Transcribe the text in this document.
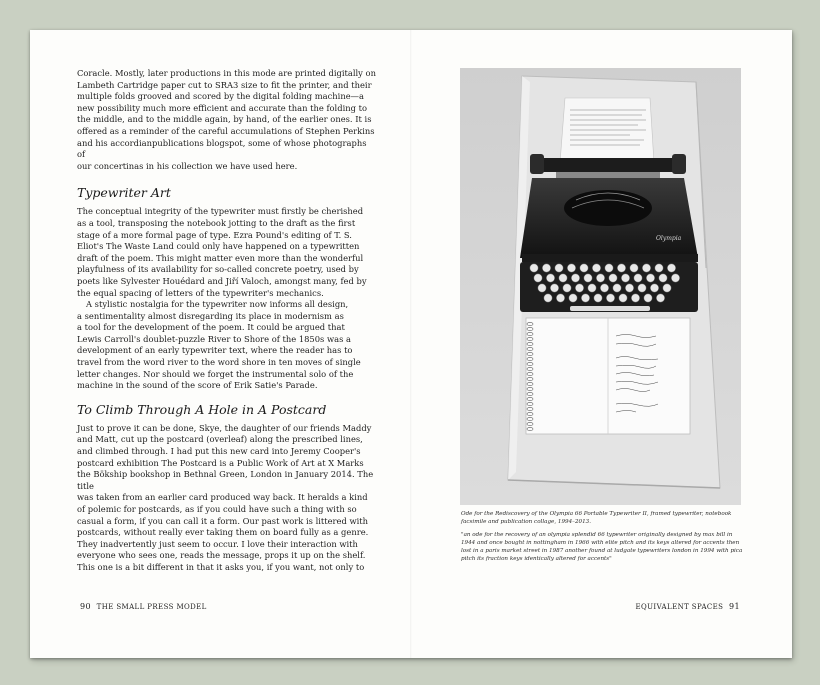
Coracle. Mostly, later productions in this mode are printed digitally on
Lambeth Cartridge paper cut to SRA3 size to fit the printer, and their
multiple folds grooved and scored by the digital folding machine—a
new possibility much more efficient and accurate than the folding to
the middle, and to the middle again, by hand, of the earlier ones. It is
offered as a reminder of the careful accumulations of Stephen Perkins
and his accordianpublications blogspot, some of whose photographs of
our concertinas in his collection we have used here.

Typewriter Art

The conceptual integrity of the typewriter must firstly be cherished
as a tool, transposing the notebook jotting to the draft as the first
stage of a more formal page of type. Ezra Pound's editing of T. S.
Eliot's The Waste Land could only have happened on a typewritten
draft of the poem. This might matter even more than the wonderful
playfulness of its availability for so-called concrete poetry, used by
poets like Sylvester Houédard and Jiří Valoch, amongst many, fed by
the equal spacing of letters of the typewriter's mechanics.

A stylistic nostalgia for the typewriter now informs all design,
a sentimentality almost disregarding its place in modernism as
a tool for the development of the poem. It could be argued that
Lewis Carroll's doublet-puzzle River to Shore of the 1850s was a
development of an early typewriter text, where the reader has to
travel from the word river to the word shore in ten moves of single
letter changes. Nor should we forget the instrumental solo of the
machine in the sound of the score of Erik Satie's Parade.

To Climb Through A Hole in A Postcard

Just to prove it can be done, Skye, the daughter of our friends Maddy
and Matt, cut up the postcard (overleaf) along the prescribed lines,
and climbed through. I had put this new card into Jeremy Cooper's
postcard exhibition The Postcard is a Public Work of Art at X Marks
the Bökship bookshop in Bethnal Green, London in January 2014. The title
was taken from an earlier card produced way back. It heralds a kind
of polemic for postcards, as if you could have such a thing with so
casual a form, if you can call it a form. Our past work is littered with
postcards, without really ever taking them on board fully as a genre.
They inadvertently just seem to occur. I love their interaction with
everyone who sees one, reads the message, props it up on the shelf.
This one is a bit different in that it asks you, if you want, not only to

90 THE SMALL PRESS MODEL
Olympia
Ode for the Rediscovery of the Olympia 66 Portable Typewriter II, framed typewriter, notebook facsimile and publication collage, 1994–2013.
"an ode for the recovery of an olympia splendid 66 typewriter originally designed by max bill in 1944 and once bought in nottingham in 1966 with elite pitch and its keys altered for accents then lost in a paris market street in 1987 another found at ludgate typewriters london in 1994 with pica pitch its fraction keys identically altered for accents"
EQUIVALENT SPACES 91
